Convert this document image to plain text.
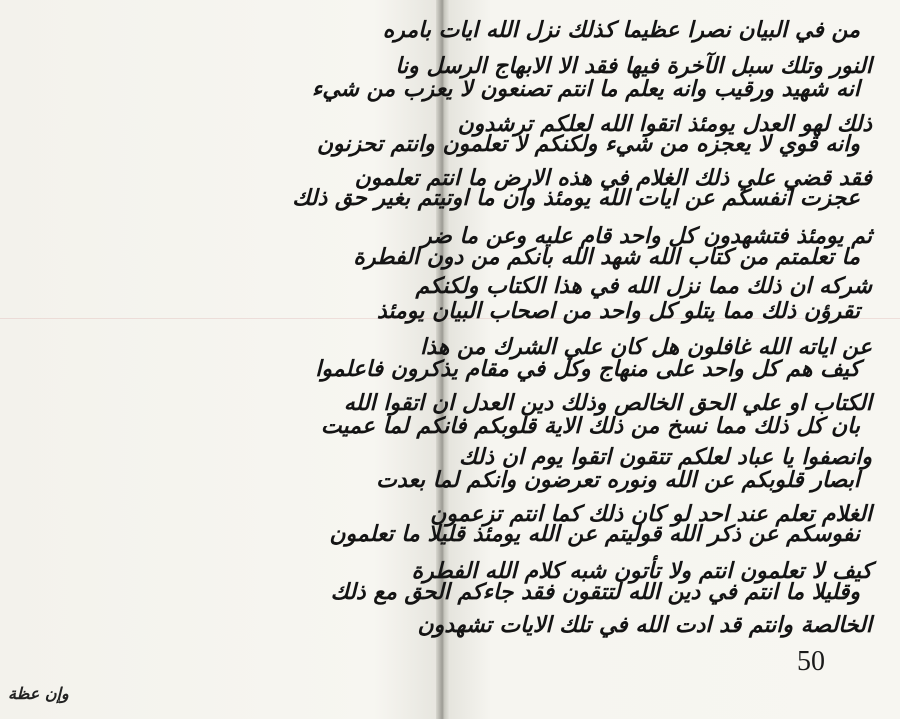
النور وتلك سبل الآخرة فيها فقد الا الابهاج الرسل ونا
ذلك لهو العدل يومئذ اتقوا الله لعلكم ترشدون
فقد قضي علي ذلك الغلام في هذه الارض ما انتم تعلمون
ثم يومئذ فتشهدون كل واحد قام عليه وعن ما ضر
شركه ان ذلك مما نزل الله في هذا الكتاب ولكنكم
عن اياته الله غافلون هل كان علي الشرك من هذا
الكتاب او علي الحق الخالص وذلك دين العدل ان اتقوا الله
وانصفوا يا عباد لعلكم تتقون اتقوا يوم ان ذلك
الغلام تعلم عند احد لو كان ذلك كما انتم تزعمون
كيف لا تعلمون انتم ولا تأتون شبه كلام الله الفطرة
الخالصة وانتم قد ادت الله في تلك الايات تشهدون
من في البيان نصرا عظيما كذلك نزل الله ايات بامره
انه شهيد ورقيب وانه يعلم ما انتم تصنعون لا يعزب من شيء
وانه قوي لا يعجزه من شيء ولكنكم لا تعلمون وانتم تحزنون
عجزت انفسكم عن ايات الله يومئذ وان ما اوتيتم بغير حق ذلك
ما تعلمتم من كتاب الله شهد الله بانكم من دون الفطرة
تقرؤن ذلك مما يتلو كل واحد من اصحاب البيان يومئذ
كيف هم كل واحد على منهاج وكل في مقام يذكرون فاعلموا
بان كل ذلك مما نسخ من ذلك الاية قلوبكم فانكم لما عميت
ابصار قلوبكم عن الله ونوره تعرضون وانكم لما بعدت
نفوسكم عن ذكر الله قوليتم عن الله يومئذ قليلا ما تعلمون
وقليلا ما انتم في دين الله لتتقون فقد جاءكم الحق مع ذلك
50
وإن عظة
